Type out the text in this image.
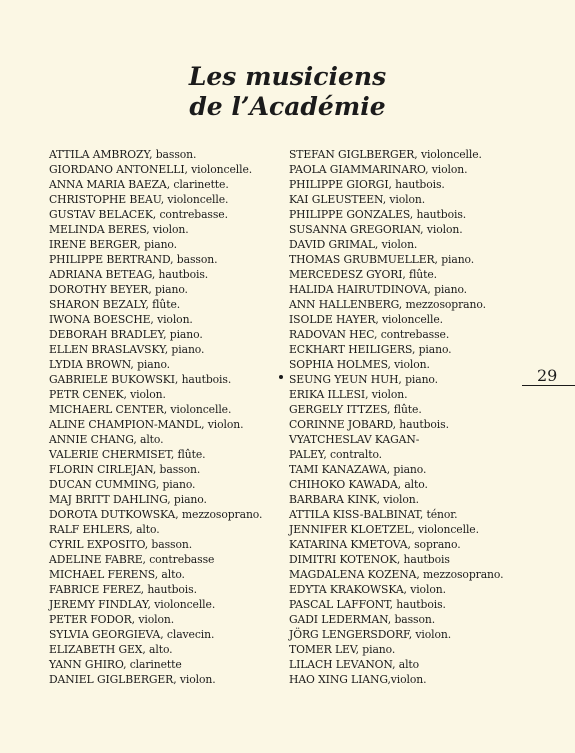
Les musiciens
de l’Académie
ATTILA AMBROZY, basson.
GIORDANO ANTONELLI, violoncelle.
ANNA MARIA BAEZA, clarinette.
CHRISTOPHE BEAU, violoncelle.
GUSTAV BELACEK, contrebasse.
MELINDA BERES, violon.
IRENE BERGER, piano.
PHILIPPE BERTRAND, basson.
ADRIANA BETEAG, hautbois.
DOROTHY BEYER, piano.
SHARON BEZALY, flûte.
IWONA BOESCHE, violon.
DEBORAH BRADLEY, piano.
ELLEN BRASLAVSKY, piano.
LYDIA BROWN, piano.
GABRIELE BUKOWSKI, hautbois.
PETR CENEK, violon.
MICHAERL CENTER, violoncelle.
ALINE CHAMPION-MANDL, violon.
ANNIE CHANG, alto.
VALERIE CHERMISET, flûte.
FLORIN CIRLEJAN, basson.
DUCAN CUMMING, piano.
MAJ BRITT DAHLING, piano.
DOROTA DUTKOWSKA, mezzosoprano.
RALF EHLERS, alto.
CYRIL EXPOSITO, basson.
ADELINE FABRE, contrebasse
MICHAEL FERENS, alto.
FABRICE FEREZ, hautbois.
JEREMY FINDLAY, violoncelle.
PETER FODOR, violon.
SYLVIA GEORGIEVA, clavecin.
ELIZABETH GEX, alto.
YANN GHIRO, clarinette
DANIEL GIGLBERGER, violon.
STEFAN GIGLBERGER, violoncelle.
PAOLA GIAMMARINARO, violon.
PHILIPPE GIORGI, hautbois.
KAI GLEUSTEEN, violon.
PHILIPPE GONZALES, hautbois.
SUSANNA GREGORIAN, violon.
DAVID GRIMAL, violon.
THOMAS GRUBMUELLER, piano.
MERCEDESZ GYORI, flûte.
HALIDA HAIRUTDINOVA, piano.
ANN HALLENBERG, mezzosoprano.
ISOLDE HAYER, violoncelle.
RADOVAN HEC, contrebasse.
ECKHART HEILIGERS, piano.
SOPHIA HOLMES, violon.
SEUNG YEUN HUH, piano.
ERIKA ILLESI, violon.
GERGELY ITTZES, flûte.
CORINNE JOBARD, hautbois.
VYATCHESLAV KAGAN-
PALEY, contralto.
TAMI KANAZAWA, piano.
CHIHOKO KAWADA, alto.
BARBARA KINK, violon.
ATTILA KISS-BALBINAT, ténor.
JENNIFER KLOETZEL, violoncelle.
KATARINA KMETOVA, soprano.
DIMITRI KOTENOK, hautbois
MAGDALENA KOZENA, mezzosoprano.
EDYTA KRAKOWSKA, violon.
PASCAL LAFFONT, hautbois.
GADI LEDERMAN, basson.
JÖRG LENGERSDORF, violon.
TOMER LEV, piano.
LILACH LEVANON, alto
HAO XING LIANG,violon.
29
